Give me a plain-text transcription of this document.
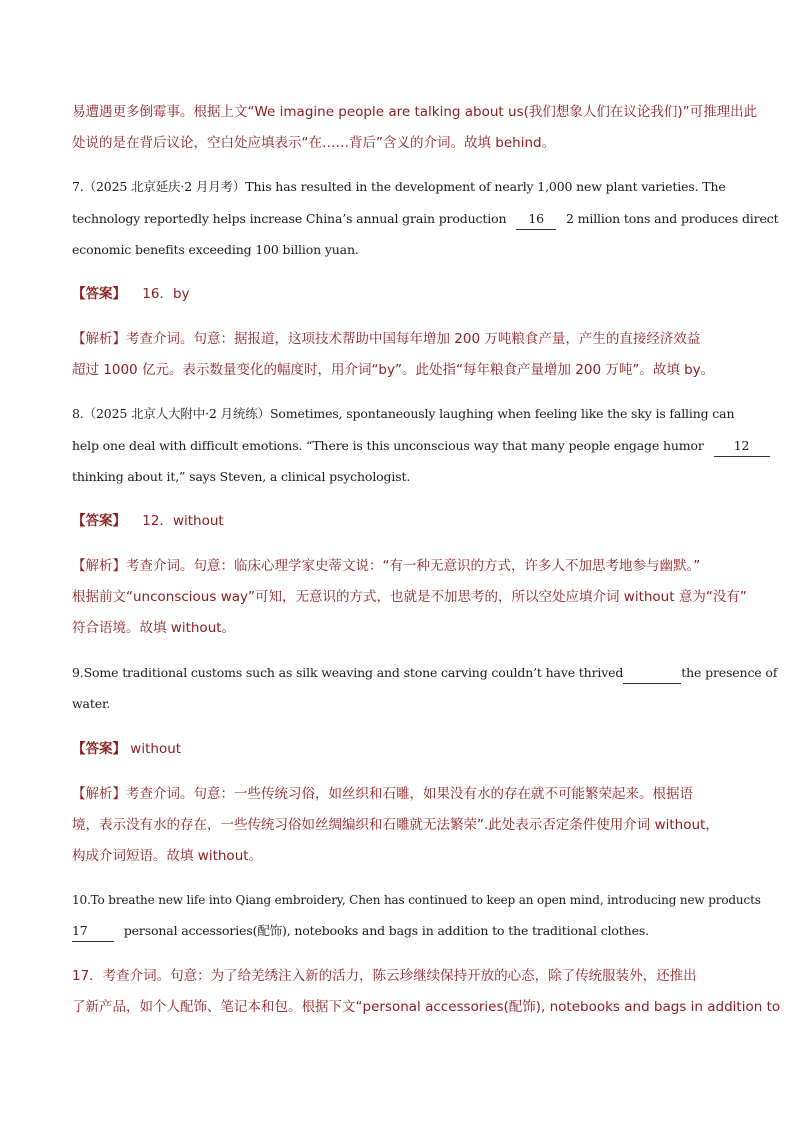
易遭遇更多倒霉事。根据上文“We imagine people are talking about us(我们想象人们在议论我们)”可推理出此
处说的是在背后议论，空白处应填表示“在……背后”含义的介词。故填 behind。
7.（2025 北京延庆·2 月月考）This has resulted in the development of nearly 1,000 new plant varieties. The
technology reportedly helps increase China’s annual grain production 16 2 million tons and produces direct
economic benefits exceeding 100 billion yuan.
【答案】 16．by
【解析】考查介词。句意：据报道，这项技术帮助中国每年增加 200 万吨粮食产量，产生的直接经济效益
超过 1000 亿元。表示数量变化的幅度时，用介词“by”。此处指“每年粮食产量增加 200 万吨”。故填 by。
8.（2025 北京人大附中·2 月统练）Sometimes, spontaneously laughing when feeling like the sky is falling can
help one deal with difficult emotions. “There is this unconscious way that many people engage humor 12
thinking about it,” says Steven, a clinical psychologist.
【答案】 12．without
【解析】考查介词。句意：临床心理学家史蒂文说：“有一种无意识的方式，许多人不加思考地参与幽默。”
根据前文“unconscious way”可知，无意识的方式，也就是不加思考的，所以空处应填介词 without 意为“没有”
符合语境。故填 without。
9.Some traditional customs such as silk weaving and stone carving couldn’t have thrived	the presence of
water.
【答案】 without
【解析】考查介词。句意：一些传统习俗，如丝织和石雕，如果没有水的存在就不可能繁荣起来。根据语
境，表示没有水的存在，一些传统习俗如丝绸编织和石雕就无法繁荣”.此处表示否定条件使用介词 without，
构成介词短语。故填 without。
10.To breathe new life into Qiang embroidery, Chen has continued to keep an open mind, introducing new products
17	personal accessories(配饰), notebooks and bags in addition to the traditional clothes.
17．考查介词。句意：为了给羌绣注入新的活力，陈云珍继续保持开放的心态，除了传统服装外，还推出
了新产品，如个人配饰、笔记本和包。根据下文“personal accessories(配饰), notebooks and bags in addition to
